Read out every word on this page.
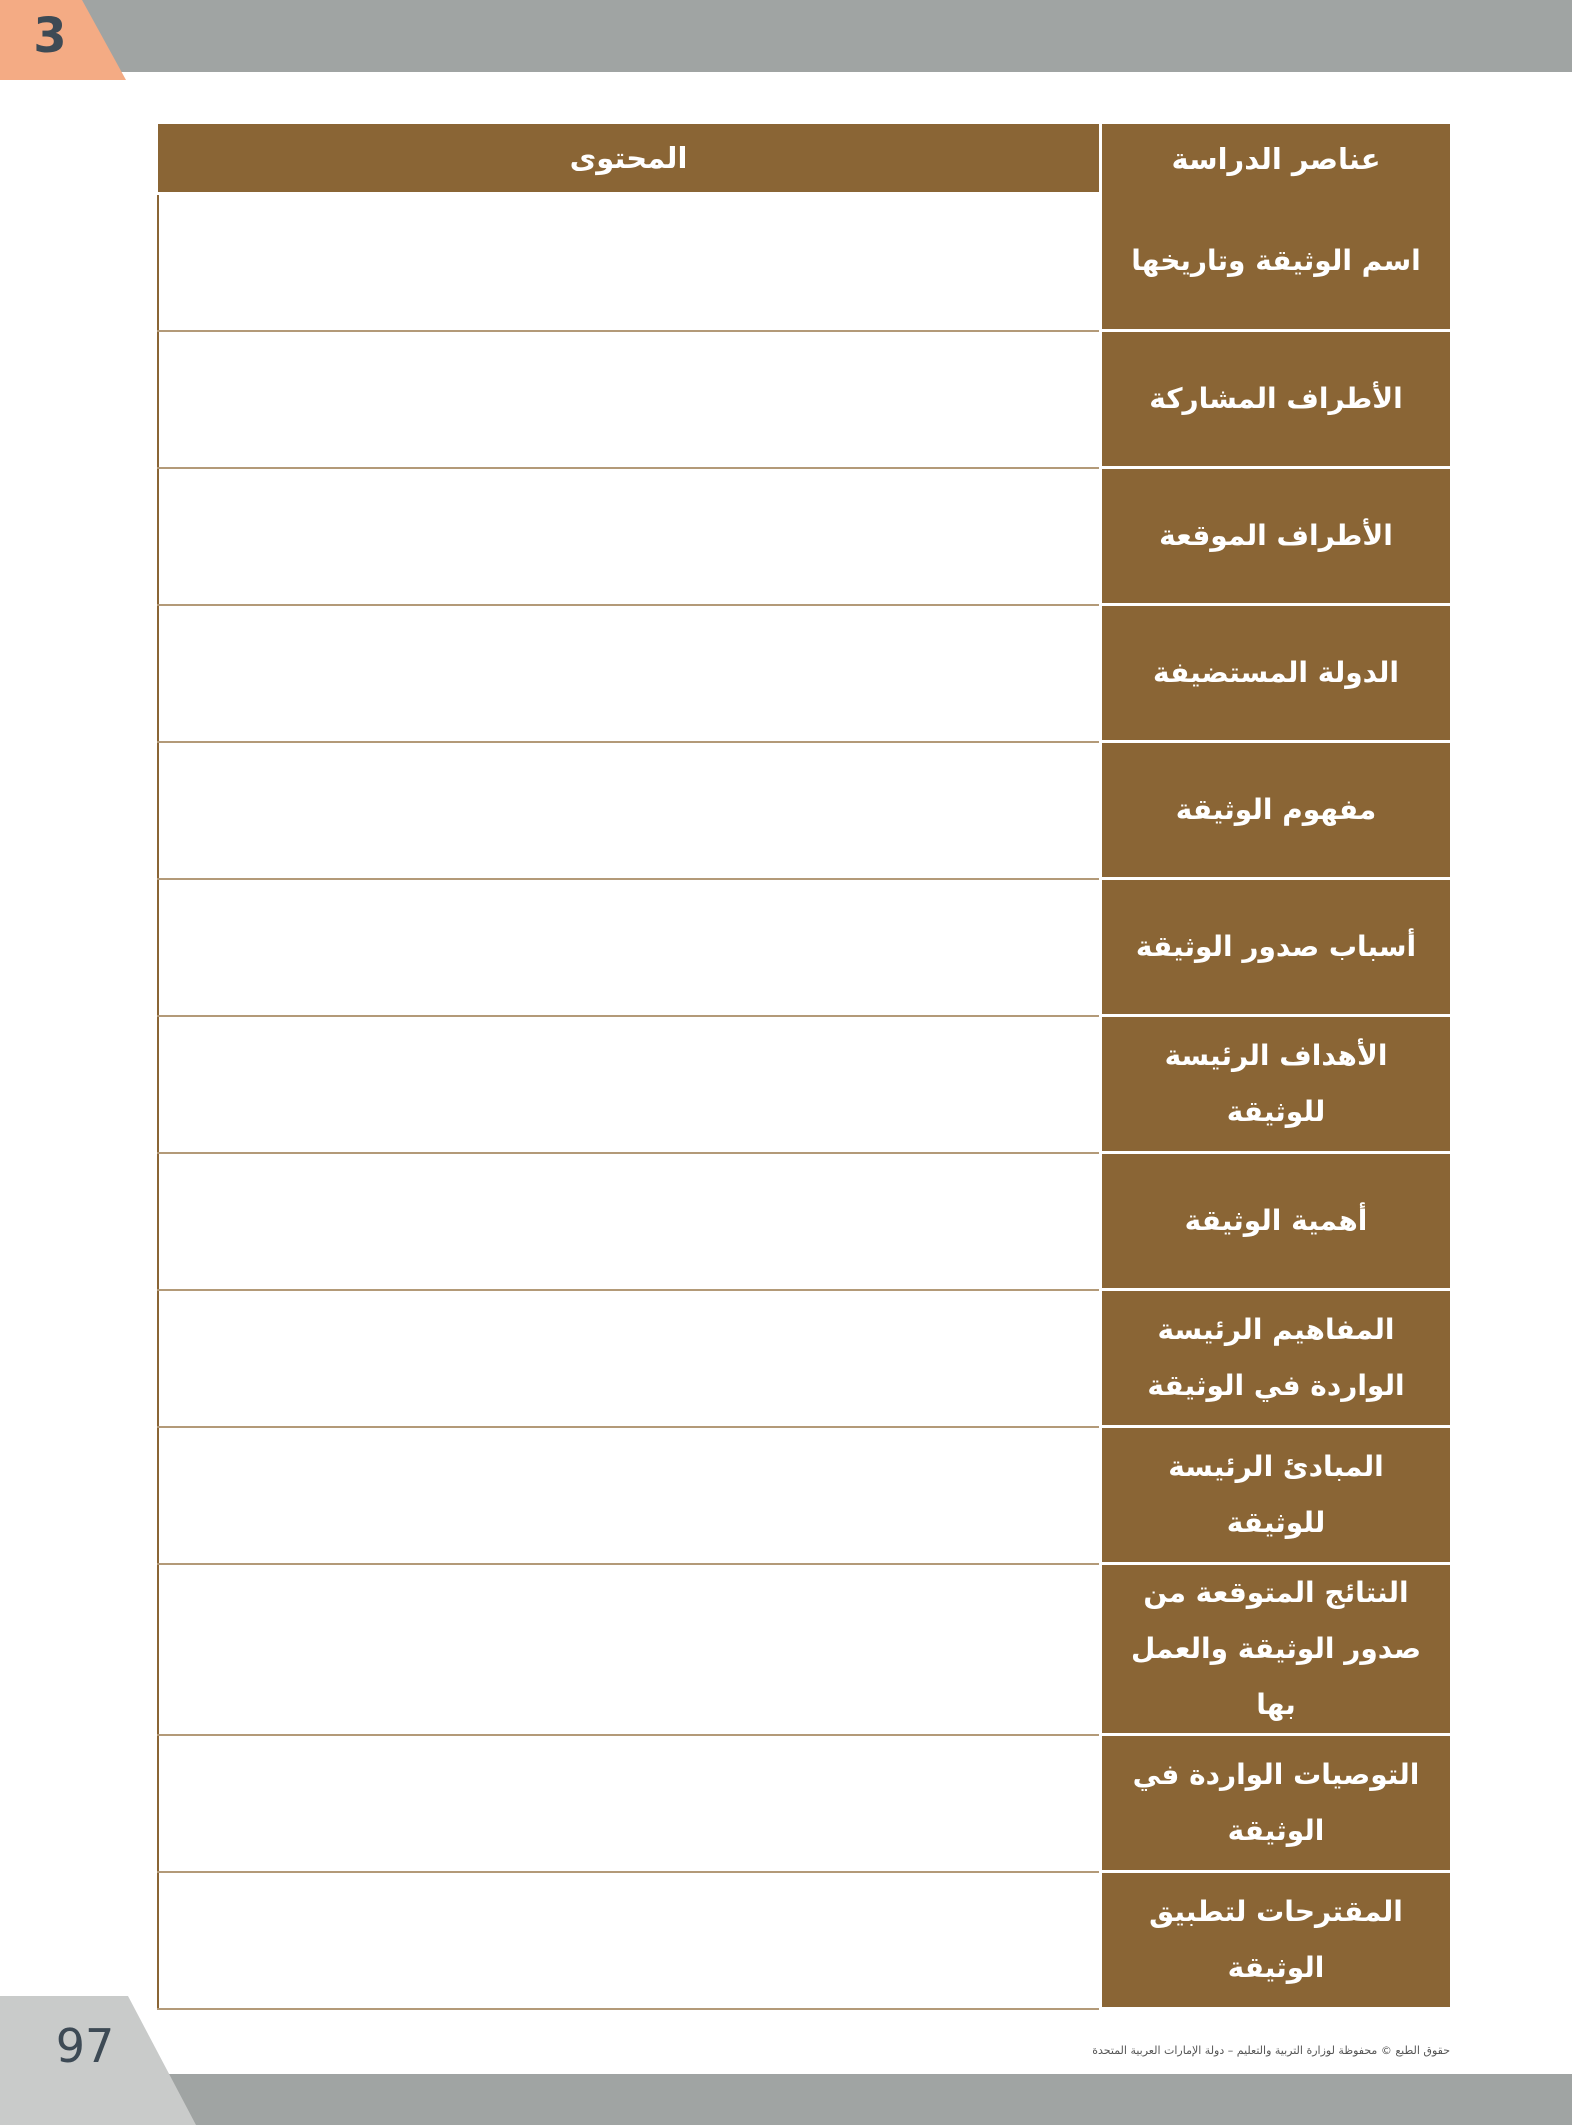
3
عناصر الدراسة	المحتوى
اسم الوثيقة وتاريخها	
الأطراف المشاركة	
الأطراف الموقعة	
الدولة المستضيفة	
مفهوم الوثيقة	
أسباب صدور الوثيقة	
الأهداف الرئيسة للوثيقة	
أهمية الوثيقة	
المفاهيم الرئيسة الواردة في الوثيقة	
المبادئ الرئيسة للوثيقة	
النتائج المتوقعة من صدور الوثيقة والعمل بها	
التوصيات الواردة في الوثيقة	
المقترحات لتطبيق الوثيقة	
حقوق الطبع © محفوظة لوزارة التربية والتعليم – دولة الإمارات العربية المتحدة
97
